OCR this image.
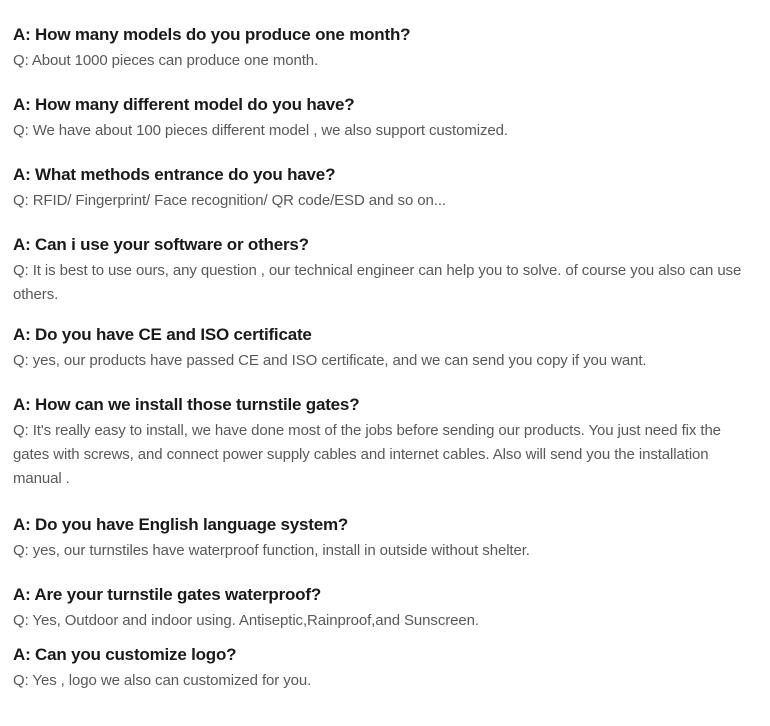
A: How many models do you produce one month?
Q: About 1000 pieces can produce one month.
A: How many different model do you have?
Q: We have about 100 pieces different model , we also support customized.
A: What methods entrance do you have?
Q: RFID/ Fingerprint/ Face recognition/ QR code/ESD and so on...
A: Can i use your software or others?
Q: It is best to use ours, any question , our technical engineer can help you to solve. of course you also can use others.
A: Do you have CE and ISO certificate
Q: yes, our products have passed CE and ISO certificate, and we can send you copy if you want.
A: How can we install those turnstile gates?
Q: It's really easy to install, we have done most of the jobs before sending our products. You just need fix the gates with screws, and connect power supply cables and internet cables. Also will send you the installation manual .
A: Do you have English language system?
Q: yes, our turnstiles have waterproof function, install in outside without shelter.
A: Are your turnstile gates waterproof?
Q: Yes, Outdoor and indoor using. Antiseptic,Rainproof,and Sunscreen.
A: Can you customize logo?
Q: Yes , logo we also can customized for you.
